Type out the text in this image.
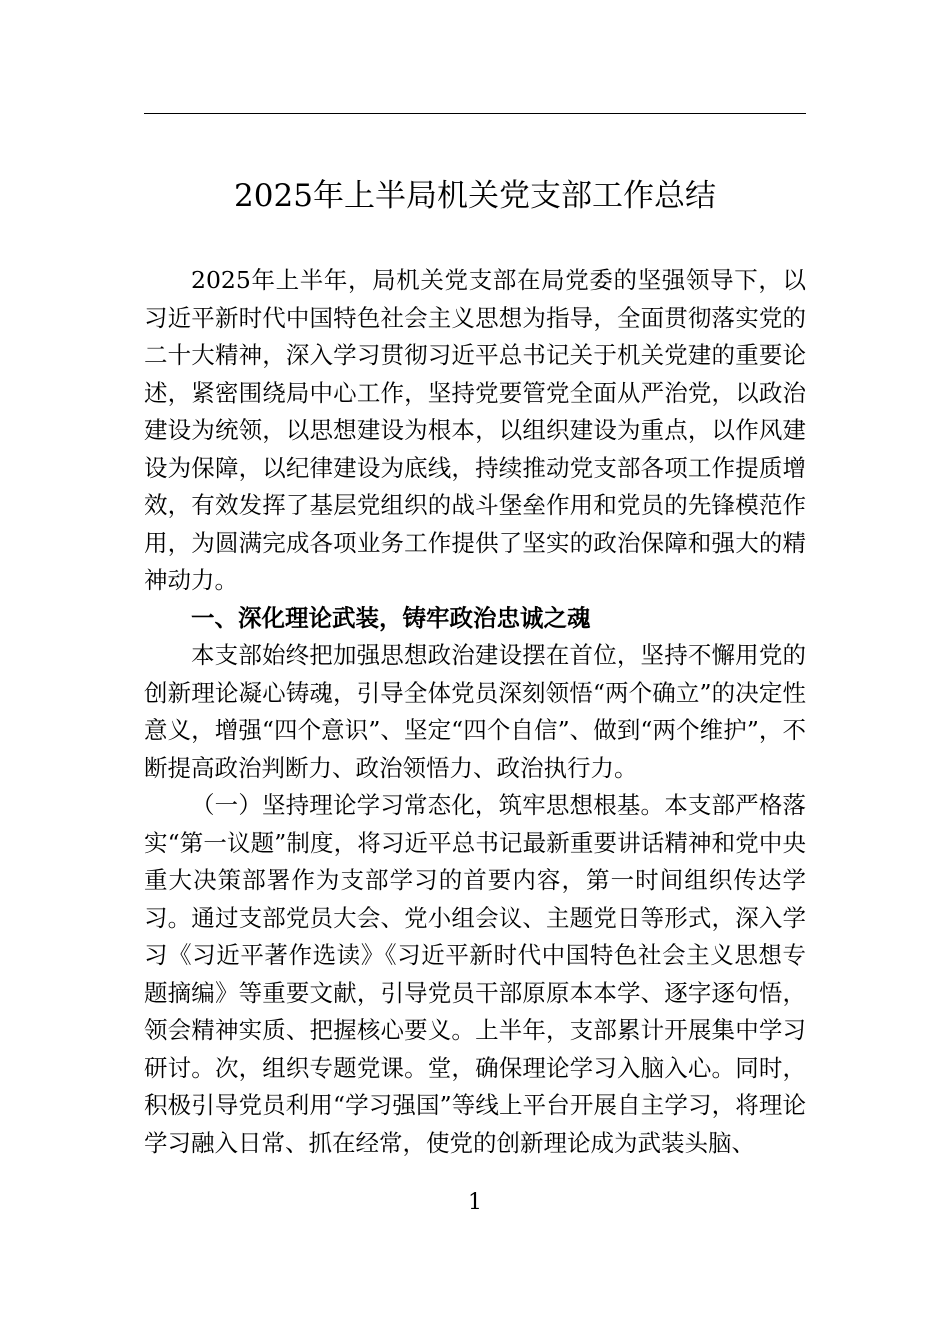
2025年上半局机关党支部工作总结

2025年上半年，局机关党支部在局党委的坚强领导下，以习近平新时代中国特色社会主义思想为指导，全面贯彻落实党的二十大精神，深入学习贯彻习近平总书记关于机关党建的重要论述，紧密围绕局中心工作，坚持党要管党全面从严治党，以政治建设为统领，以思想建设为根本，以组织建设为重点，以作风建设为保障，以纪律建设为底线，持续推动党支部各项工作提质增效，有效发挥了基层党组织的战斗堡垒作用和党员的先锋模范作用，为圆满完成各项业务工作提供了坚实的政治保障和强大的精神动力。

一、深化理论武装，铸牢政治忠诚之魂

本支部始终把加强思想政治建设摆在首位，坚持不懈用党的创新理论凝心铸魂，引导全体党员深刻领悟“两个确立”的决定性意义，增强“四个意识”、坚定“四个自信”、做到“两个维护”，不断提高政治判断力、政治领悟力、政治执行力。

（一）坚持理论学习常态化，筑牢思想根基。本支部严格落实“第一议题”制度，将习近平总书记最新重要讲话精神和党中央重大决策部署作为支部学习的首要内容，第一时间组织传达学习。通过支部党员大会、党小组会议、主题党日等形式，深入学习《习近平著作选读》《习近平新时代中国特色社会主义思想专题摘编》等重要文献，引导党员干部原原本本学、逐字逐句悟，领会精神实质、把握核心要义。上半年，支部累计开展集中学习研讨。次，组织专题党课。堂，确保理论学习入脑入心。同时，积极引导党员利用“学习强国”等线上平台开展自主学习，将理论学习融入日常、抓在经常，使党的创新理论成为武装头脑、

1
